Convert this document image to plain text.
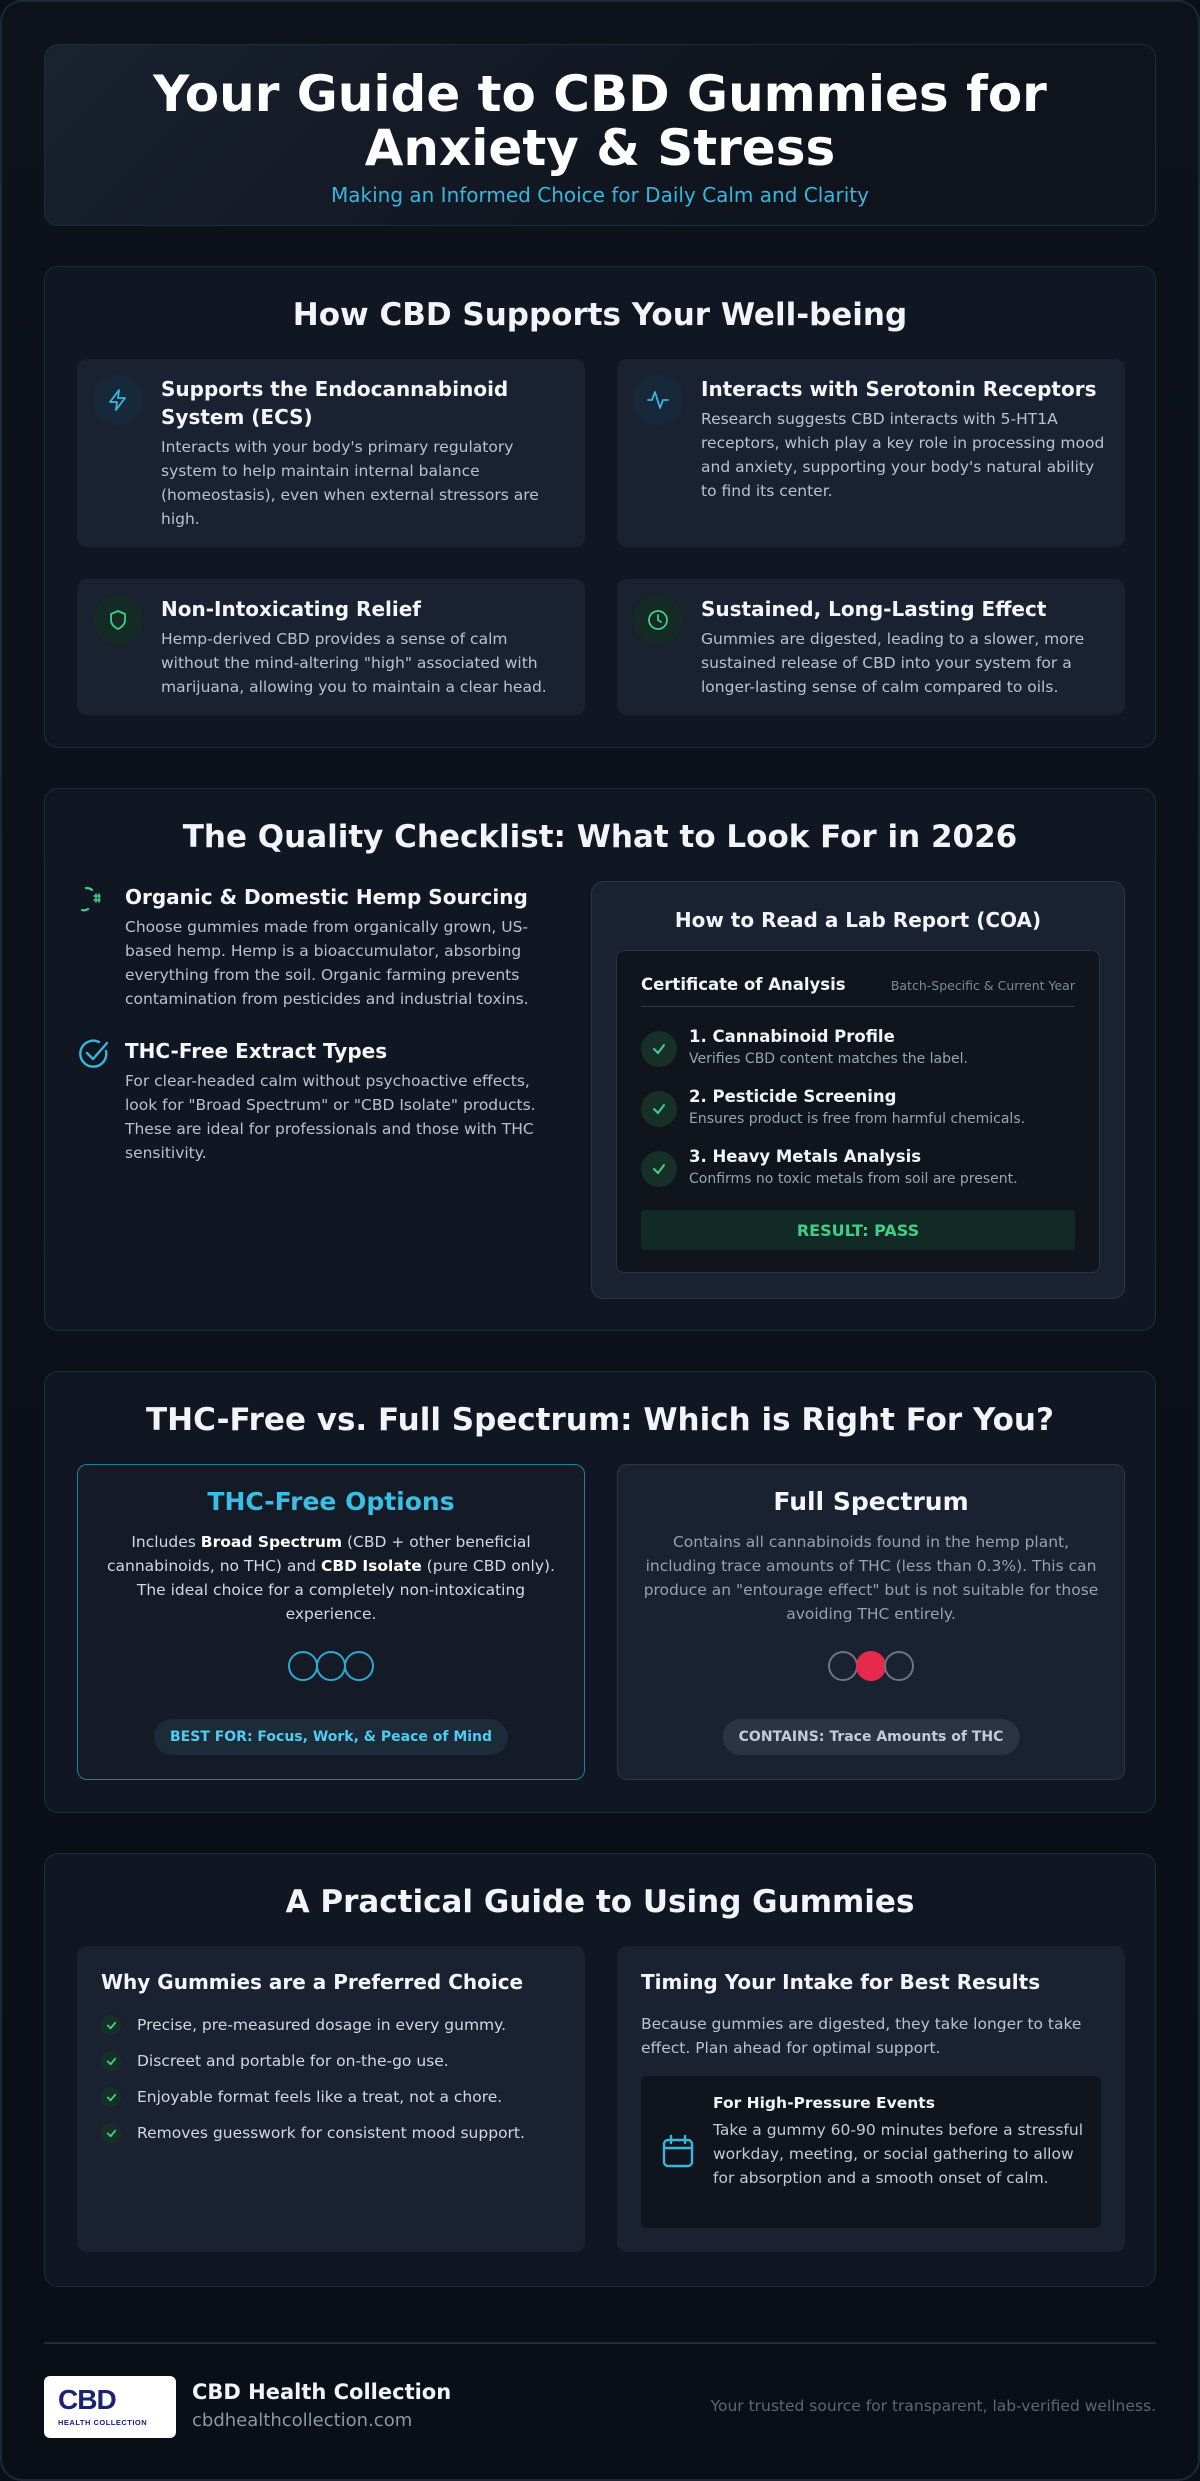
Your Guide to CBD Gummies for Anxiety & Stress
Making an Informed Choice for Daily Calm and Clarity
How CBD Supports Your Well-being
Supports the Endocannabinoid System (ECS)

Interacts with your body's primary regulatory system to help maintain internal balance (homeostasis), even when external stressors are high.

Interacts with Serotonin Receptors

Research suggests CBD interacts with 5-HT1A receptors, which play a key role in processing mood and anxiety, supporting your body's natural ability to find its center.

Non-Intoxicating Relief

Hemp-derived CBD provides a sense of calm without the mind-altering "high" associated with marijuana, allowing you to maintain a clear head.

Sustained, Long-Lasting Effect

Gummies are digested, leading to a slower, more sustained release of CBD into your system for a longer-lasting sense of calm compared to oils.

The Quality Checklist: What to Look For in 2026
Organic & Domestic Hemp Sourcing

Choose gummies made from organically grown, US-based hemp. Hemp is a bioaccumulator, absorbing everything from the soil. Organic farming prevents contamination from pesticides and industrial toxins.

THC-Free Extract Types

For clear-headed calm without psychoactive effects, look for "Broad Spectrum" or "CBD Isolate" products. These are ideal for professionals and those with THC sensitivity.

How to Read a Lab Report (COA)
Certificate of Analysis	Batch-Specific & Current Year
1. Cannabinoid Profile
Verifies CBD content matches the label.
2. Pesticide Screening
Ensures product is free from harmful chemicals.
3. Heavy Metals Analysis
Confirms no toxic metals from soil are present.
RESULT: PASS
THC-Free vs. Full Spectrum: Which is Right For You?
THC-Free Options

Includes Broad Spectrum (CBD + other beneficial cannabinoids, no THC) and CBD Isolate (pure CBD only). The ideal choice for a completely non-intoxicating experience.

BEST FOR: Focus, Work, & Peace of Mind
Full Spectrum

Contains all cannabinoids found in the hemp plant, including trace amounts of THC (less than 0.3%). This can produce an "entourage effect" but is not suitable for those avoiding THC entirely.

CONTAINS: Trace Amounts of THC
A Practical Guide to Using Gummies
Why Gummies are a Preferred Choice
Precise, pre-measured dosage in every gummy.
Discreet and portable for on-the-go use.
Enjoyable format feels like a treat, not a chore.
Removes guesswork for consistent mood support.
Timing Your Intake for Best Results
Because gummies are digested, they take longer to take effect. Plan ahead for optimal support.
For High-Pressure Events
Take a gummy 60-90 minutes before a stressful workday, meeting, or social gathering to allow for absorption and a smooth onset of calm.
CBD
HEALTH COLLECTION
CBD Health Collection
cbdhealthcollection.com
Your trusted source for transparent, lab-verified wellness.
